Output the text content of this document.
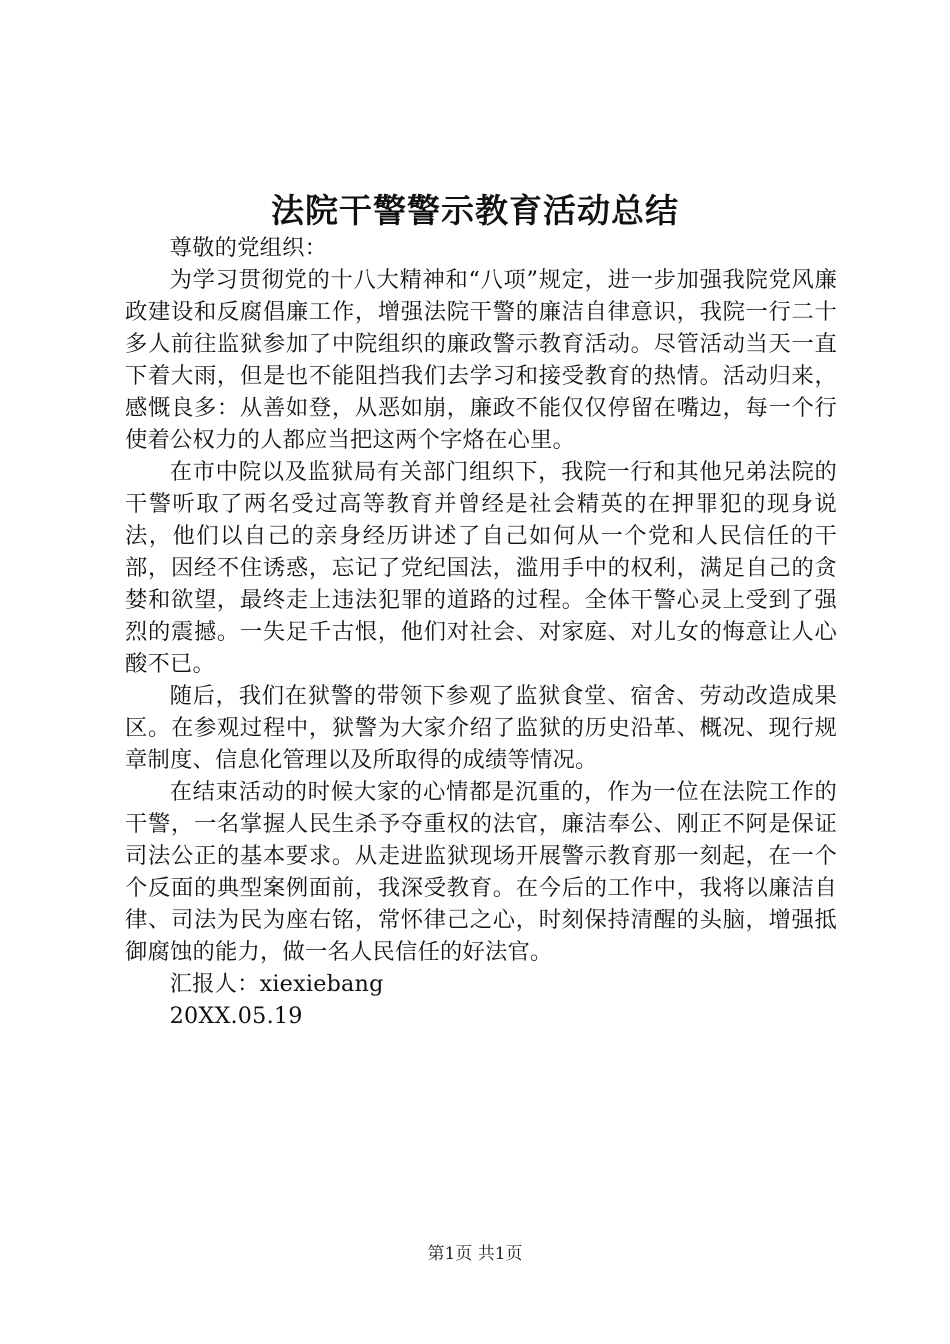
法院干警警示教育活动总结

尊敬的党组织：

为学习贯彻党的十八大精神和“八项”规定，进一步加强我院党风廉政建设和反腐倡廉工作，增强法院干警的廉洁自律意识，我院一行二十多人前往监狱参加了中院组织的廉政警示教育活动。尽管活动当天一直下着大雨，但是也不能阻挡我们去学习和接受教育的热情。活动归来，感慨良多：从善如登，从恶如崩，廉政不能仅仅停留在嘴边，每一个行使着公权力的人都应当把这两个字烙在心里。

在市中院以及监狱局有关部门组织下，我院一行和其他兄弟法院的干警听取了两名受过高等教育并曾经是社会精英的在押罪犯的现身说法，他们以自己的亲身经历讲述了自己如何从一个党和人民信任的干部，因经不住诱惑，忘记了党纪国法，滥用手中的权利，满足自己的贪婪和欲望，最终走上违法犯罪的道路的过程。全体干警心灵上受到了强烈的震撼。一失足千古恨，他们对社会、对家庭、对儿女的悔意让人心酸不已。

随后，我们在狱警的带领下参观了监狱食堂、宿舍、劳动改造成果区。在参观过程中，狱警为大家介绍了监狱的历史沿革、概况、现行规章制度、信息化管理以及所取得的成绩等情况。

在结束活动的时候大家的心情都是沉重的，作为一位在法院工作的干警，一名掌握人民生杀予夺重权的法官，廉洁奉公、刚正不阿是保证司法公正的基本要求。从走进监狱现场开展警示教育那一刻起，在一个个反面的典型案例面前，我深受教育。在今后的工作中，我将以廉洁自律、司法为民为座右铭，常怀律己之心，时刻保持清醒的头脑，增强抵御腐蚀的能力，做一名人民信任的好法官。

汇报人：xiexiebang

20XX.05.19

第1页 共1页
